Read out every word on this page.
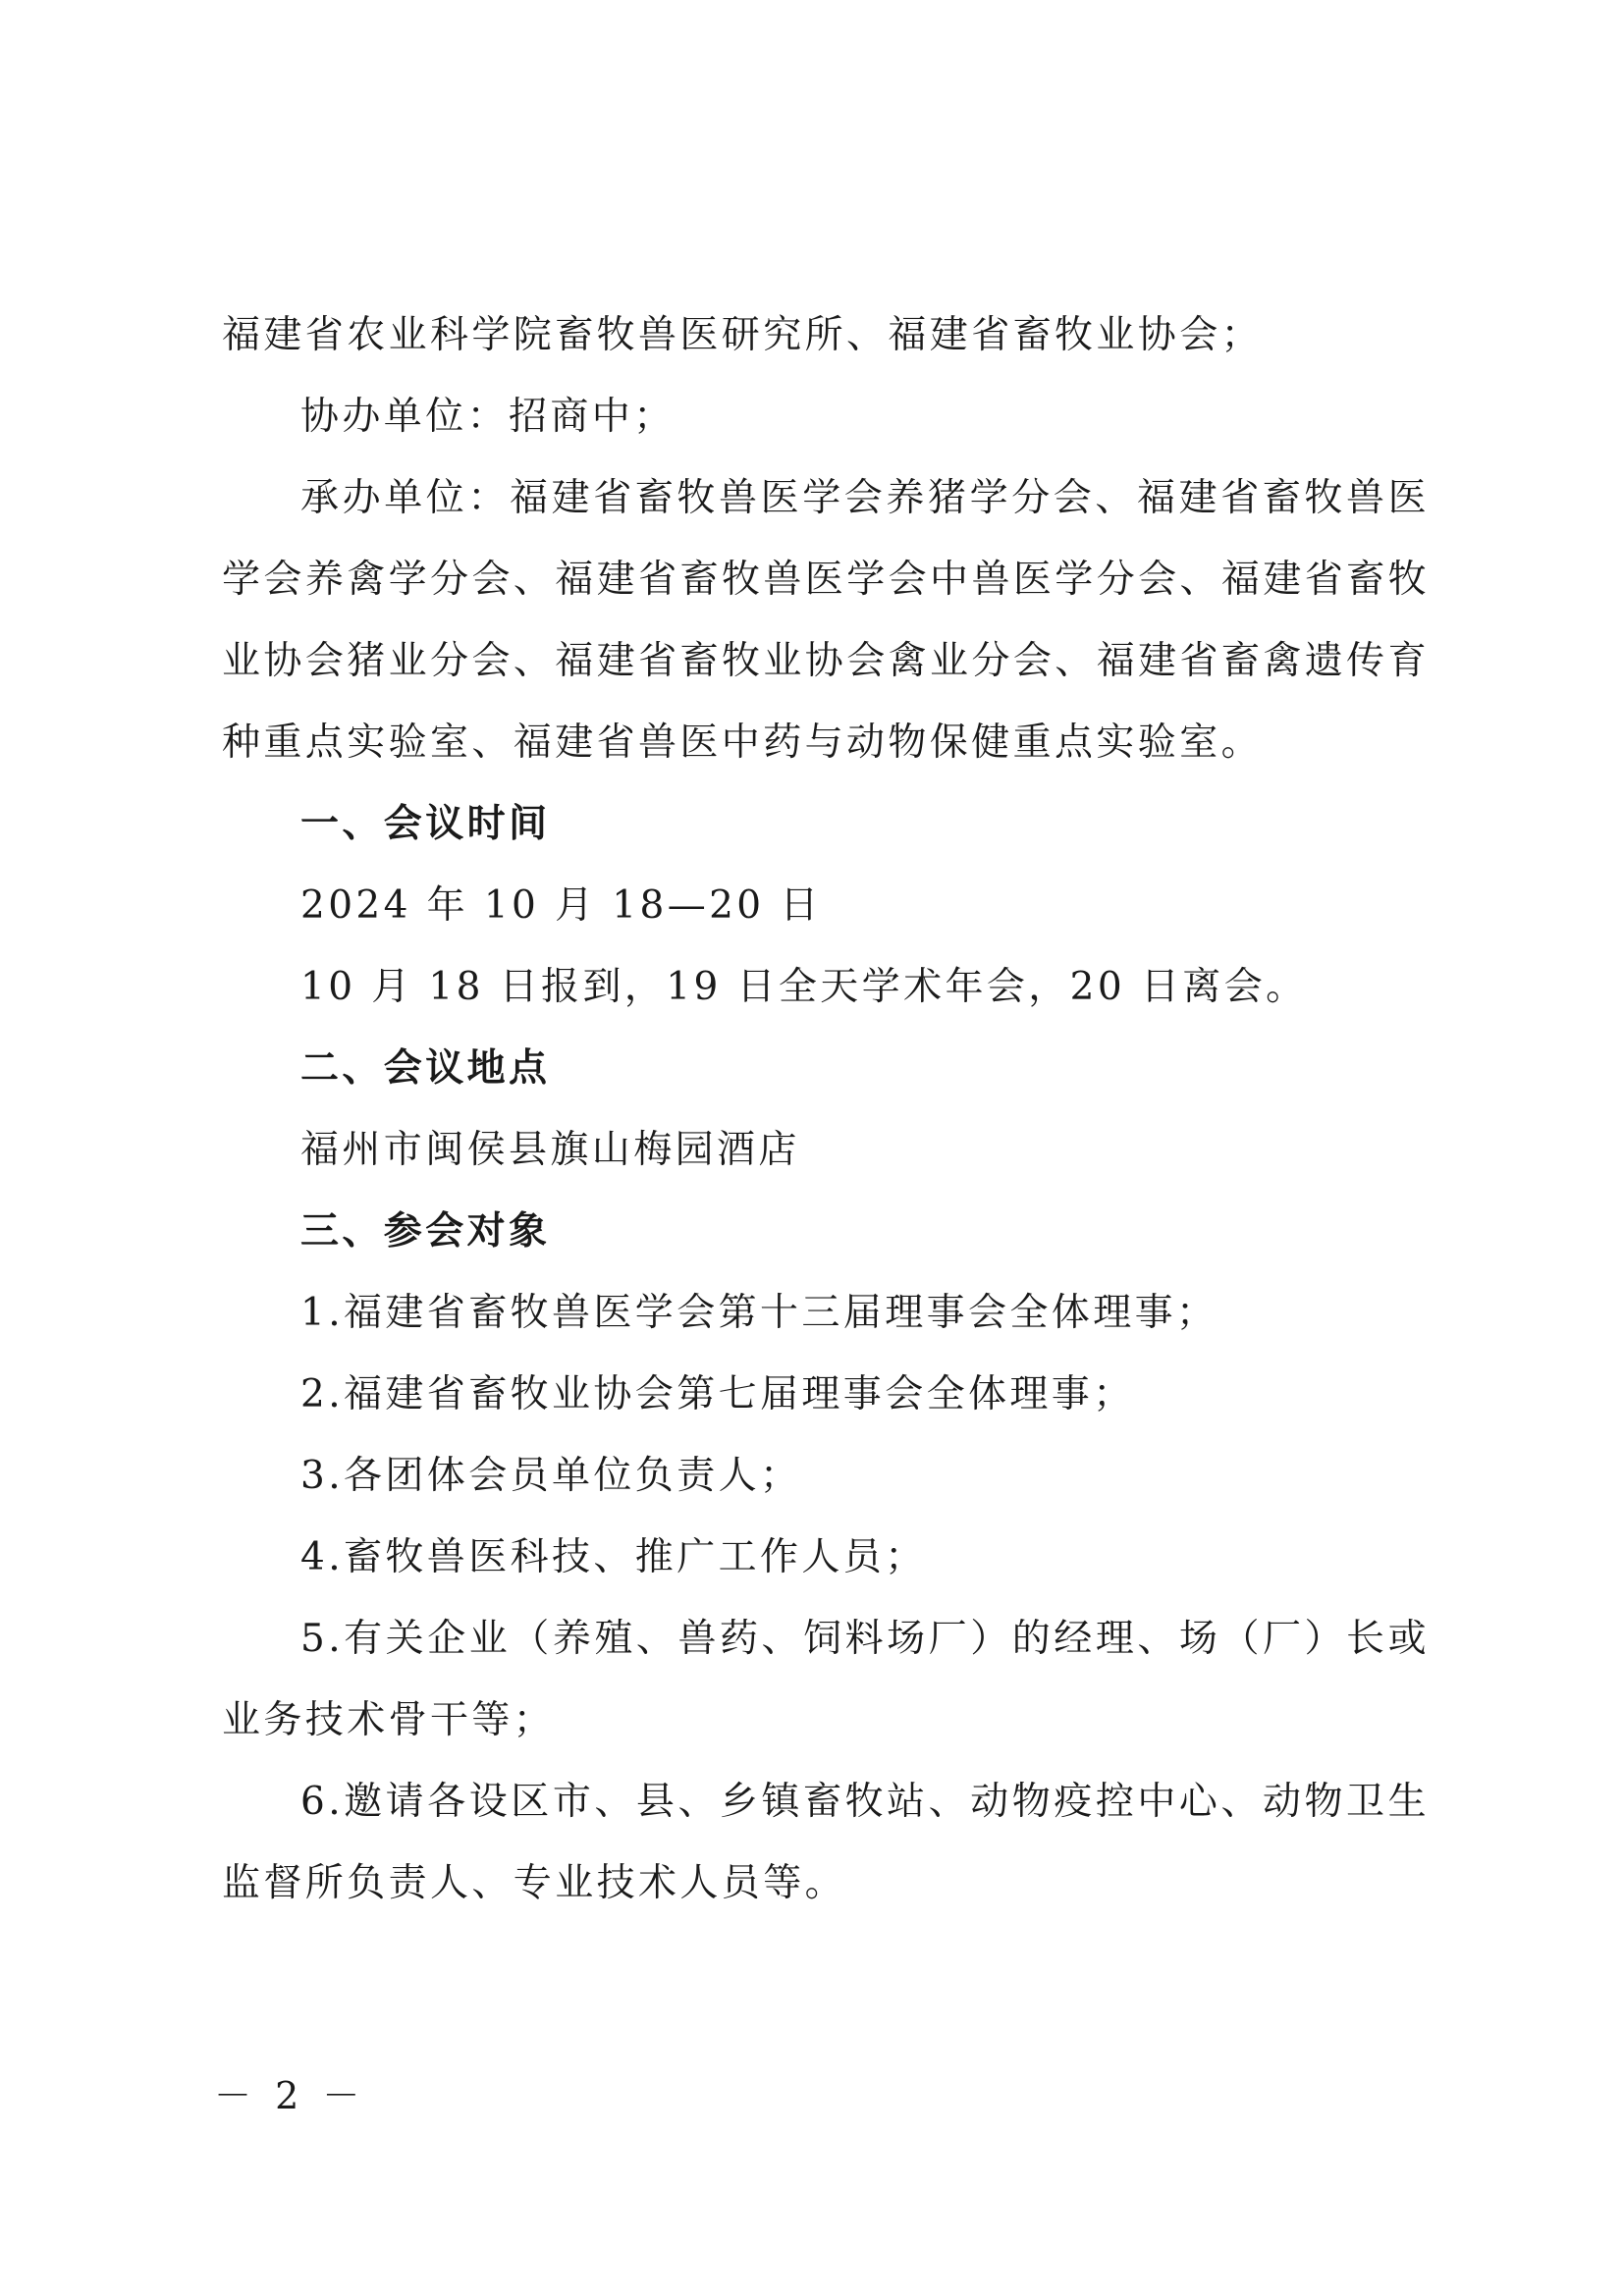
福建省农业科学院畜牧兽医研究所、福建省畜牧业协会；

协办单位：招商中；

承办单位：福建省畜牧兽医学会养猪学分会、福建省畜牧兽医学会养禽学分会、福建省畜牧兽医学会中兽医学分会、福建省畜牧业协会猪业分会、福建省畜牧业协会禽业分会、福建省畜禽遗传育种重点实验室、福建省兽医中药与动物保健重点实验室。

一、会议时间

2024 年 10 月 18—20 日

10 月 18 日报到，19 日全天学术年会，20 日离会。

二、会议地点

福州市闽侯县旗山梅园酒店

三、参会对象

1.福建省畜牧兽医学会第十三届理事会全体理事；

2.福建省畜牧业协会第七届理事会全体理事；

3.各团体会员单位负责人；

4.畜牧兽医科技、推广工作人员；

5.有关企业（养殖、兽药、饲料场厂）的经理、场（厂）长或业务技术骨干等；

6.邀请各设区市、县、乡镇畜牧站、动物疫控中心、动物卫生监督所负责人、专业技术人员等。

－ 2 －
